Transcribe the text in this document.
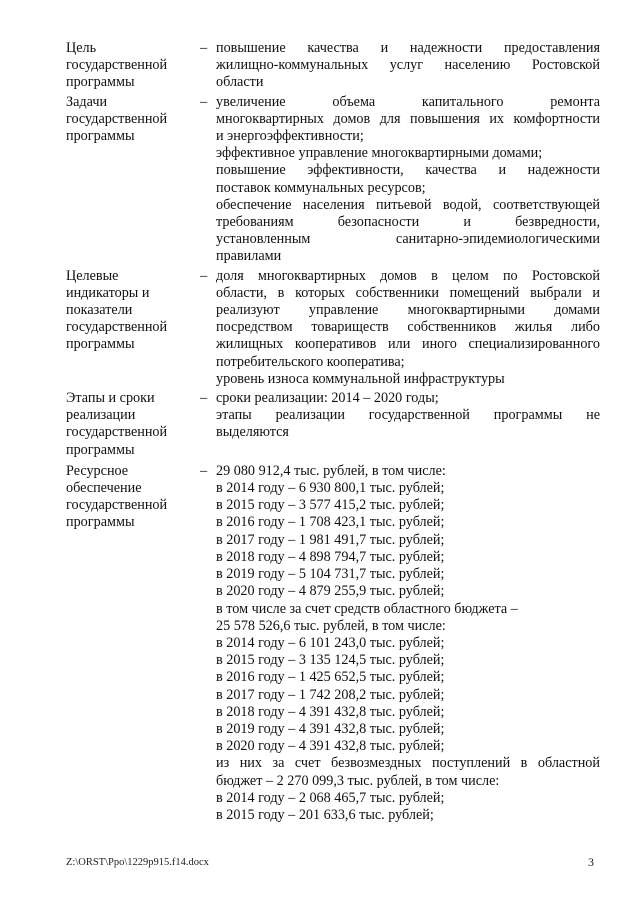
Цель
государственной
программы
– повышение качества и надежности предоставления
жилищно-коммунальных услуг населению Ростовской
области
Задачи
государственной
программы
– увеличение объема капитального ремонта
многоквартирных домов для повышения их комфортности
и энергоэффективности;
эффективное управление многоквартирными домами;
повышение эффективности, качества и надежности
поставок коммунальных ресурсов;
обеспечение населения питьевой водой, соответствующей
требованиям безопасности и безвредности,
установленным санитарно-эпидемиологическими
правилами
Целевые
индикаторы и
показатели
государственной
программы
– доля многоквартирных домов в целом по Ростовской
области, в которых собственники помещений выбрали и
реализуют управление многоквартирными домами
посредством товариществ собственников жилья либо
жилищных кооперативов или иного специализированного
потребительского кооператива;
уровень износа коммунальной инфраструктуры
Этапы и сроки
реализации
государственной
программы
– сроки реализации: 2014 – 2020 годы;
этапы реализации государственной программы не
выделяются
Ресурсное
обеспечение
государственной
программы
– 29 080 912,4 тыс. рублей, в том числе:
в 2014 году – 6 930 800,1 тыс. рублей;
в 2015 году – 3 577 415,2 тыс. рублей;
в 2016 году – 1 708 423,1 тыс. рублей;
в 2017 году – 1 981 491,7 тыс. рублей;
в 2018 году – 4 898 794,7 тыс. рублей;
в 2019 году – 5 104 731,7 тыс. рублей;
в 2020 году – 4 879 255,9 тыс. рублей;
в том числе за счет средств областного бюджета –
25 578 526,6 тыс. рублей, в том числе:
в 2014 году – 6 101 243,0 тыс. рублей;
в 2015 году – 3 135 124,5 тыс. рублей;
в 2016 году – 1 425 652,5 тыс. рублей;
в 2017 году – 1 742 208,2 тыс. рублей;
в 2018 году – 4 391 432,8 тыс. рублей;
в 2019 году – 4 391 432,8 тыс. рублей;
в 2020 году – 4 391 432,8 тыс. рублей;
из них за счет безвозмездных поступлений в областной
бюджет – 2 270 099,3 тыс. рублей, в том числе:
в 2014 году – 2 068 465,7 тыс. рублей;
в 2015 году – 201 633,6 тыс. рублей;
Z:\ORST\Ppo\1229p915.f14.docx	3
